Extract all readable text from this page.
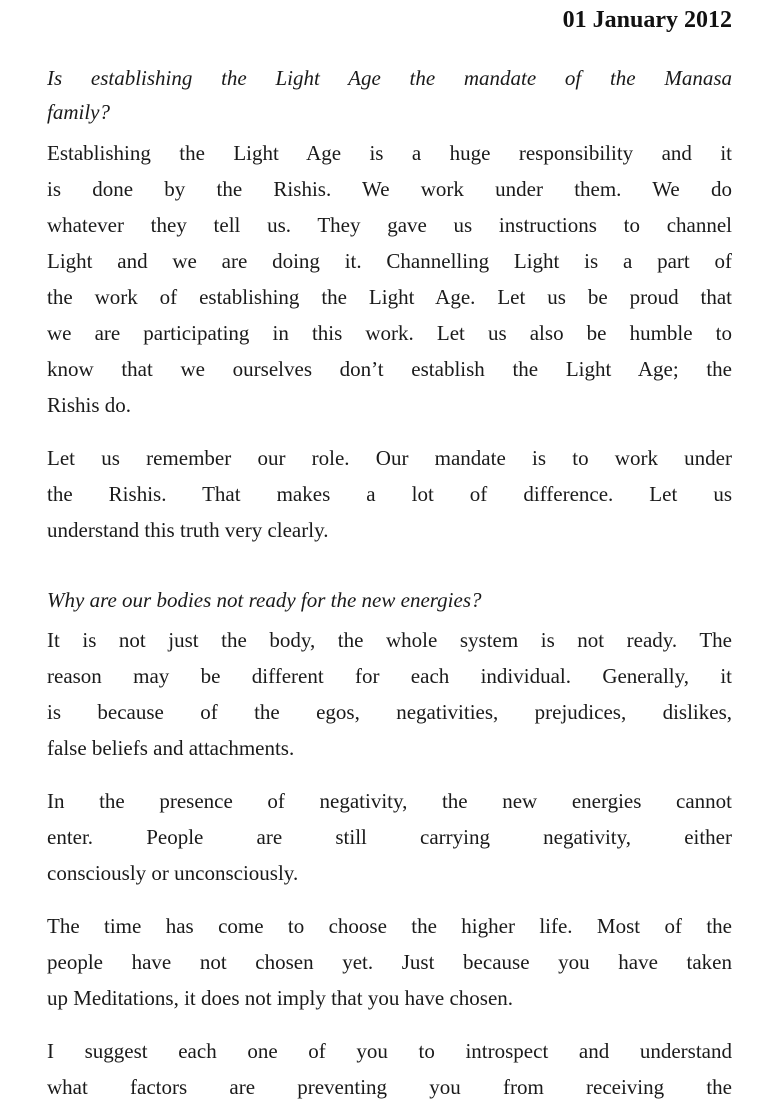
01 January 2012
Is establishing the Light Age the mandate of the Manasa
family?
Establishing the Light Age is a huge responsibility and it
is done by the Rishis. We work under them. We do
whatever they tell us. They gave us instructions to channel
Light and we are doing it. Channelling Light is a part of
the work of establishing the Light Age. Let us be proud that
we are participating in this work. Let us also be humble to
know that we ourselves don’t establish the Light Age; the
Rishis do.
Let us remember our role. Our mandate is to work under
the Rishis. That makes a lot of difference. Let us
understand this truth very clearly.
Why are our bodies not ready for the new energies?
It is not just the body, the whole system is not ready. The
reason may be different for each individual. Generally, it
is because of the egos, negativities, prejudices, dislikes,
false beliefs and attachments.
In the presence of negativity, the new energies cannot
enter. People are still carrying negativity, either
consciously or unconsciously.
The time has come to choose the higher life. Most of the
people have not chosen yet. Just because you have taken
up Meditations, it does not imply that you have chosen.
I suggest each one of you to introspect and understand
what factors are preventing you from receiving the
